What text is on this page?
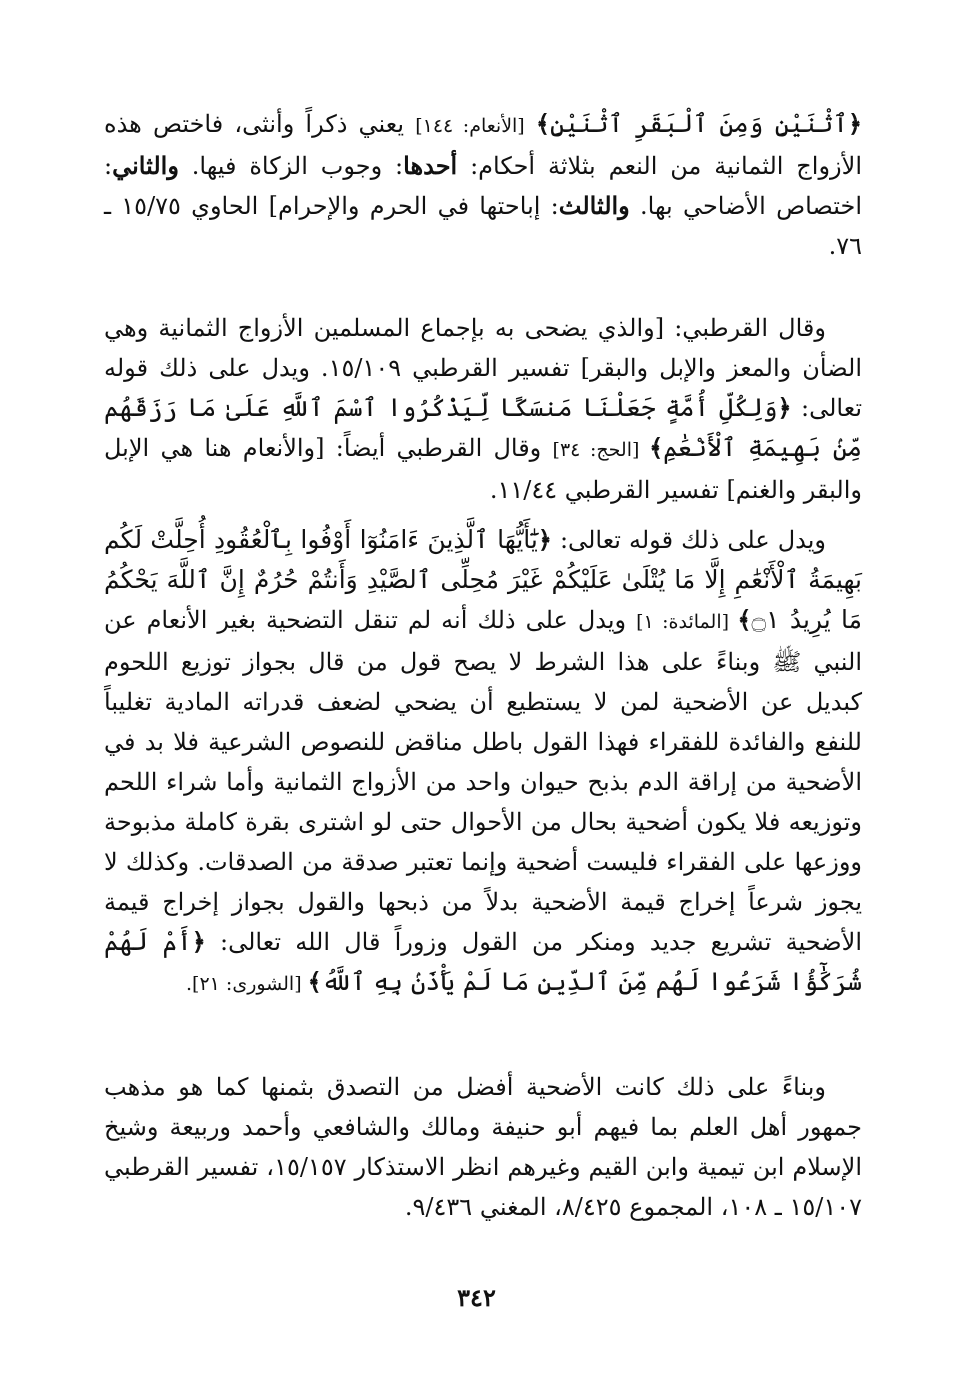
﴿ٱثْنَيْنِ وَمِنَ ٱلْبَقَرِ ٱثْنَيْنِ﴾ [الأنعام: ١٤٤] يعني ذكراً وأنثى، فاختص هذه الأزواج الثمانية من النعم بثلاثة أحكام: أحدها: وجوب الزكاة فيها. والثاني: اختصاص الأضاحي بها. والثالث: إباحتها في الحرم والإحرام] الحاوي ١٥/٧٥ ـ ٧٦.

وقال القرطبي: [والذي يضحى به بإجماع المسلمين الأزواج الثمانية وهي الضأن والمعز والإبل والبقر] تفسير القرطبي ١٥/١٠٩. ويدل على ذلك قوله تعالى: ﴿وَلِكُلِّ أُمَّةٍ جَعَلْنَا مَنسَكًا لِّيَذْكُرُوا ٱسْمَ ٱللَّهِ عَلَىٰ مَا رَزَقَهُم مِّنۢ بَهِيمَةِ ٱلْأَنْعَٰمِ﴾ [الحج: ٣٤] وقال القرطبي أيضاً: [والأنعام هنا هي الإبل والبقر والغنم] تفسير القرطبي ١١/٤٤.

ويدل على ذلك قوله تعالى: ﴿يَٰٓأَيُّهَا ٱلَّذِينَ ءَامَنُوٓا أَوْفُوا بِٱلْعُقُودِ أُحِلَّتْ لَكُم بَهِيمَةُ ٱلْأَنْعَٰمِ إِلَّا مَا يُتْلَىٰ عَلَيْكُمْ غَيْرَ مُحِلِّى ٱلصَّيْدِ وَأَنتُمْ حُرُمٌ إِنَّ ٱللَّهَ يَحْكُمُ مَا يُرِيدُ ۝١﴾ [المائدة: ١] ويدل على ذلك أنه لم تنقل التضحية بغير الأنعام عن النبي ﷺ وبناءً على هذا الشرط لا يصح قول من قال بجواز توزيع اللحوم كبديل عن الأضحية لمن لا يستطيع أن يضحي لضعف قدراته المادية تغليباً للنفع والفائدة للفقراء فهذا القول باطل مناقض للنصوص الشرعية فلا بد في الأضحية من إراقة الدم بذبح حيوان واحد من الأزواج الثمانية وأما شراء اللحم وتوزيعه فلا يكون أضحية بحال من الأحوال حتى لو اشترى بقرة كاملة مذبوحة ووزعها على الفقراء فليست أضحية وإنما تعتبر صدقة من الصدقات. وكذلك لا يجوز شرعاً إخراج قيمة الأضحية بدلاً من ذبحها والقول بجواز إخراج قيمة الأضحية تشريع جديد ومنكر من القول وزوراً قال الله تعالى: ﴿أَمْ لَهُمْ شُرَكَٰٓؤُا شَرَعُوا لَهُم مِّنَ ٱلدِّينِ مَا لَمْ يَأْذَنۢ بِهِ ٱللَّهُ﴾ [الشورى: ٢١].

وبناءً على ذلك كانت الأضحية أفضل من التصدق بثمنها كما هو مذهب جمهور أهل العلم بما فيهم أبو حنيفة ومالك والشافعي وأحمد وربيعة وشيخ الإسلام ابن تيمية وابن القيم وغيرهم انظر الاستذكار ١٥/١٥٧، تفسير القرطبي ١٥/١٠٧ ـ ١٠٨، المجموع ٨/٤٢٥، المغني ٩/٤٣٦.

٣٤٢
